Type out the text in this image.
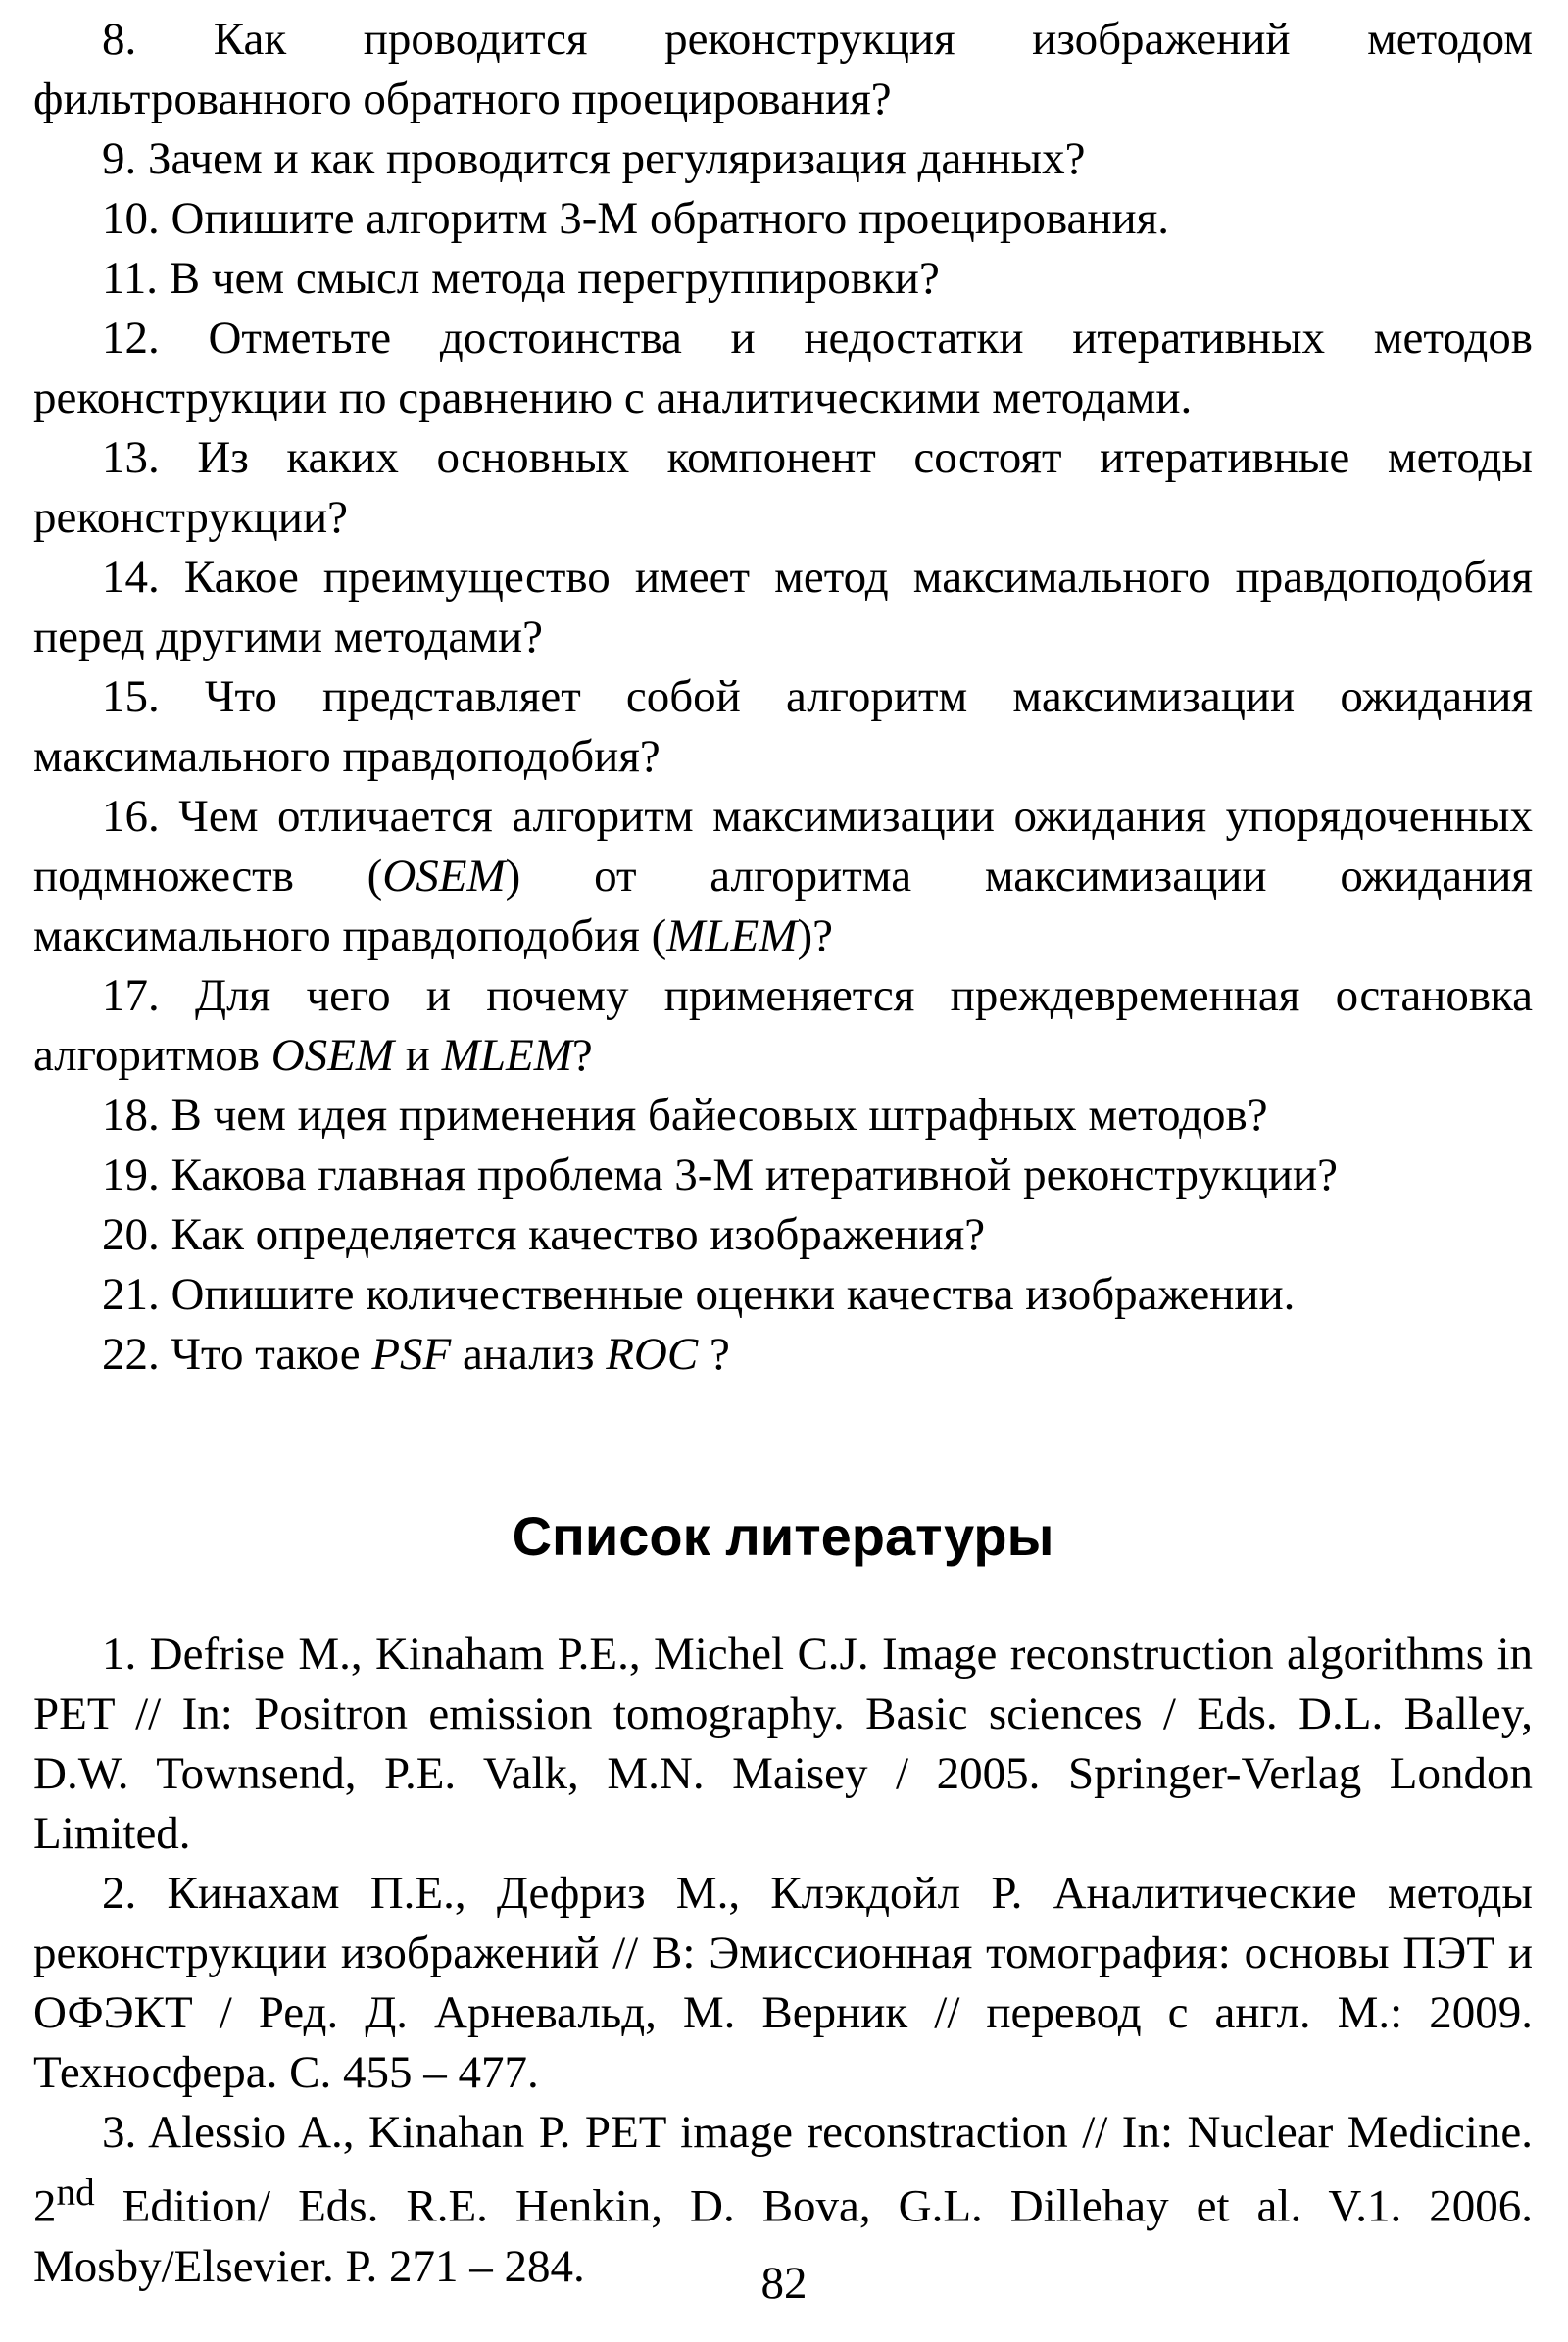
8. Как проводится реконструкция изображений методом фильтрованного обратного проецирования?

9. Зачем и как проводится регуляризация данных?

10. Опишите алгоритм 3-М обратного проецирования.

11. В чем смысл метода перегруппировки?

12. Отметьте достоинства и недостатки итеративных методов реконструкции по сравнению с аналитическими методами.

13. Из каких основных компонент состоят итеративные методы реконструкции?

14. Какое преимущество имеет метод максимального правдоподобия перед другими методами?

15. Что представляет собой алгоритм максимизации ожидания максимального правдоподобия?

16. Чем отличается алгоритм максимизации ожидания упорядоченных подмножеств (OSEM) от алгоритма максимизации ожидания максимального правдоподобия (MLEM)?

17. Для чего и почему применяется преждевременная остановка алгоритмов OSEM и MLEM?

18. В чем идея применения байесовых штрафных методов?

19. Какова главная проблема 3-М итеративной реконструкции?

20. Как определяется качество изображения?

21. Опишите количественные оценки качества изображении.

22. Что такое PSF анализ ROC ?

Список литературы

1. Defrise M., Kinaham P.E., Michel C.J. Image reconstruction algorithms in PET // In: Positron emission tomography. Basic sciences / Eds. D.L. Balley, D.W. Townsend, P.E. Valk, M.N. Maisey / 2005. Springer-Verlag London Limited.

2. Кинахам П.Е., Дефриз М., Клэкдойл Р. Аналитические методы реконструкции изображений // В: Эмиссионная томография: основы ПЭТ и ОФЭКТ / Ред. Д. Арневальд, М. Верник // перевод с англ. М.: 2009. Техносфера. С. 455 – 477.

3. Alessio A., Kinahan P. PET image reconstraction // In: Nuclear Medicine. 2nd Edition/ Eds. R.E. Henkin, D. Bova, G.L. Dillehay et al. V.1. 2006. Mosby/Elsevier. P. 271 – 284.	82
